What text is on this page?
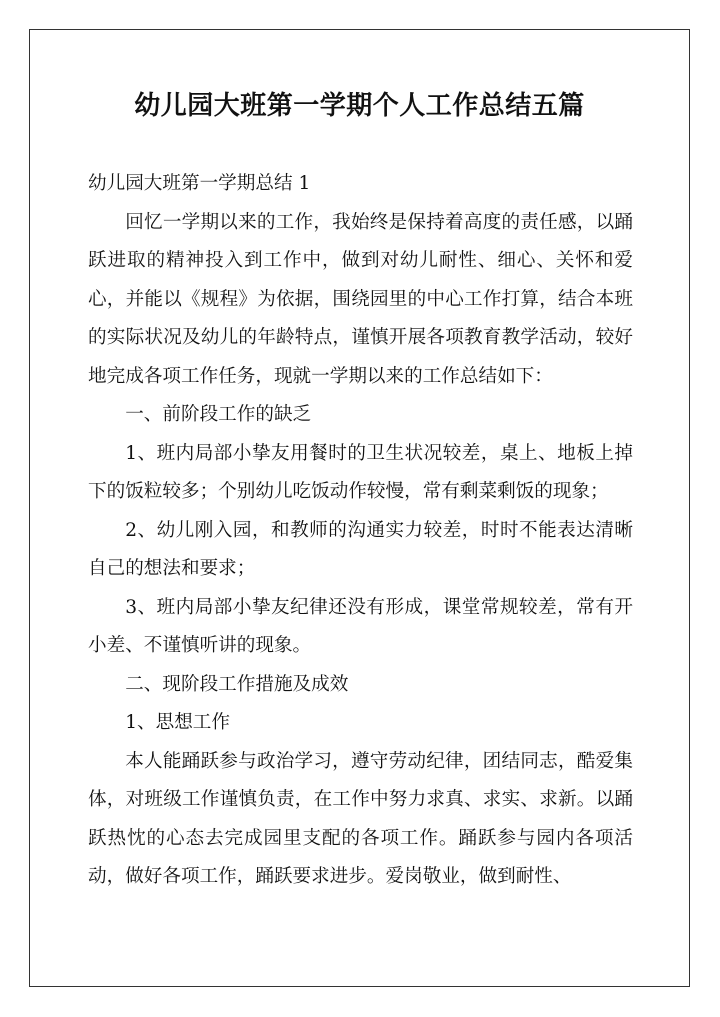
幼儿园大班第一学期个人工作总结五篇

幼儿园大班第一学期总结 1

回忆一学期以来的工作，我始终是保持着高度的责任感，以踊跃进取的精神投入到工作中，做到对幼儿耐性、细心、关怀和爱心，并能以《规程》为依据，围绕园里的中心工作打算，结合本班的实际状况及幼儿的年龄特点，谨慎开展各项教育教学活动，较好地完成各项工作任务，现就一学期以来的工作总结如下：

一、前阶段工作的缺乏

1、班内局部小挚友用餐时的卫生状况较差，桌上、地板上掉下的饭粒较多；个别幼儿吃饭动作较慢，常有剩菜剩饭的现象；

2、幼儿刚入园，和教师的沟通实力较差，时时不能表达清晰自己的想法和要求；

3、班内局部小挚友纪律还没有形成，课堂常规较差，常有开小差、不谨慎听讲的现象。

二、现阶段工作措施及成效

1、思想工作

本人能踊跃参与政治学习，遵守劳动纪律，团结同志，酷爱集体，对班级工作谨慎负责，在工作中努力求真、求实、求新。以踊跃热忱的心态去完成园里支配的各项工作。踊跃参与园内各项活动，做好各项工作，踊跃要求进步。爱岗敬业，做到耐性、
